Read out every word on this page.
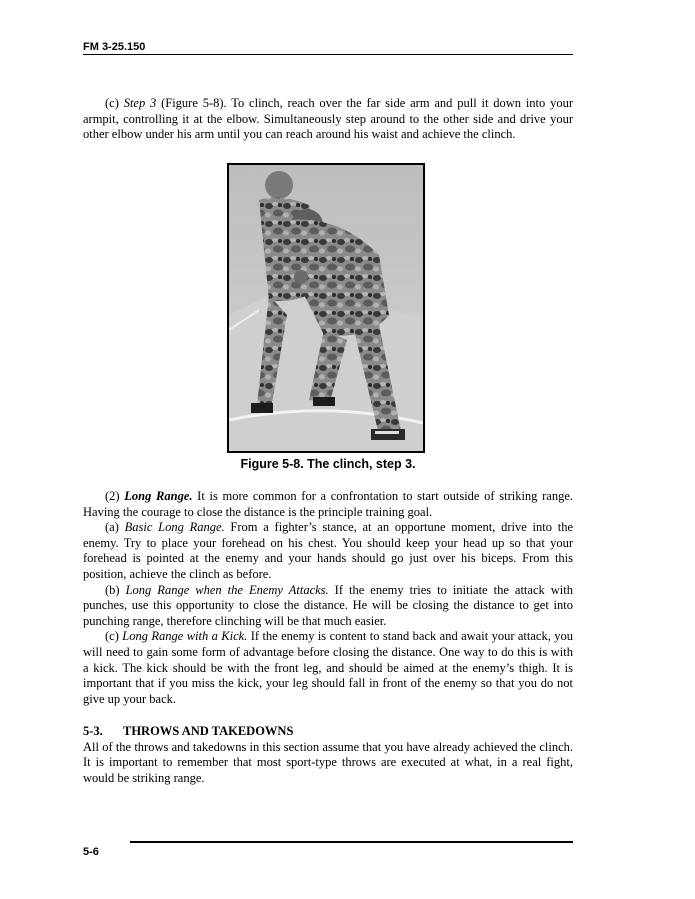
FM 3-25.150

(c) Step 3 (Figure 5-8). To clinch, reach over the far side arm and pull it down into your armpit, controlling it at the elbow. Simultaneously step around to the other side and drive your other elbow under his arm until you can reach around his waist and achieve the clinch.

Figure 5-8. The clinch, step 3.

(2) Long Range. It is more common for a confrontation to start outside of striking range. Having the courage to close the distance is the principle training goal.

(a) Basic Long Range. From a fighter’s stance, at an opportune moment, drive into the enemy. Try to place your forehead on his chest. You should keep your head up so that your forehead is pointed at the enemy and your hands should go just over his biceps. From this position, achieve the clinch as before.

(b) Long Range when the Enemy Attacks. If the enemy tries to initiate the attack with punches, use this opportunity to close the distance. He will be closing the distance to get into punching range, therefore clinching will be that much easier.

(c) Long Range with a Kick. If the enemy is content to stand back and await your attack, you will need to gain some form of advantage before closing the distance. One way to do this is with a kick. The kick should be with the front leg, and should be aimed at the enemy’s thigh. It is important that if you miss the kick, your leg should fall in front of the enemy so that you do not give up your back.

5-3. THROWS AND TAKEDOWNS

All of the throws and takedowns in this section assume that you have already achieved the clinch. It is important to remember that most sport-type throws are executed at what, in a real fight, would be striking range.

5-6
